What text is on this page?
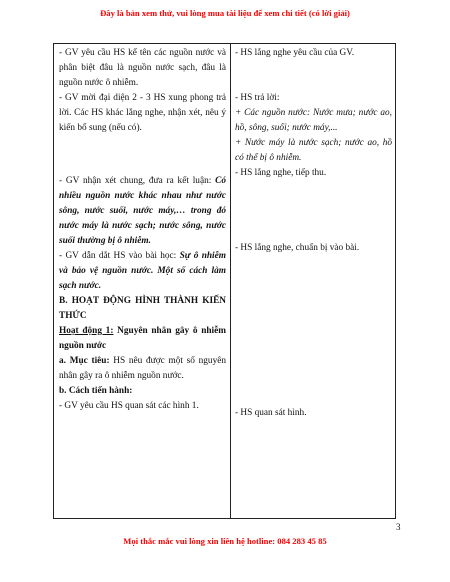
Đây là bản xem thử, vui lòng mua tài liệu để xem chi tiết (có lời giải)

- GV yêu cầu HS kể tên các nguồn nước và phân biệt đâu là nguồn nước sạch, đâu là nguồn nước ô nhiễm.

- GV mời đại diện 2 - 3 HS xung phong trả lời. Các HS khác lắng nghe, nhận xét, nêu ý kiến bổ sung (nếu có).

- GV nhận xét chung, đưa ra kết luận: Có nhiều nguồn nước khác nhau như nước sông, nước suối, nước máy,… trong đó nước máy là nước sạch; nước sông, nước suối thường bị ô nhiễm.

- GV dẫn dắt HS vào bài học: Sự ô nhiễm và bảo vệ nguồn nước. Một số cách làm sạch nước.

B. HOẠT ĐỘNG HÌNH THÀNH KIẾN THỨC

Hoạt động 1: Nguyên nhân gây ô nhiễm nguồn nước

a. Mục tiêu: HS nêu được một số nguyên nhân gây ra ô nhiễm nguồn nước.

b. Cách tiến hành:

- GV yêu cầu HS quan sát các hình 1.

- HS lắng nghe yêu cầu của GV.

- HS trả lời:

+ Các nguồn nước: Nước mưa; nước ao, hồ, sông, suối; nước máy,...

+ Nước máy là nước sạch; nước ao, hồ có thể bị ô nhiễm.

- HS lắng nghe, tiếp thu.

- HS lắng nghe, chuẩn bị vào bài.

- HS quan sát hình.

3
Mọi thắc mắc vui lòng xin liên hệ hotline: 084 283 45 85
